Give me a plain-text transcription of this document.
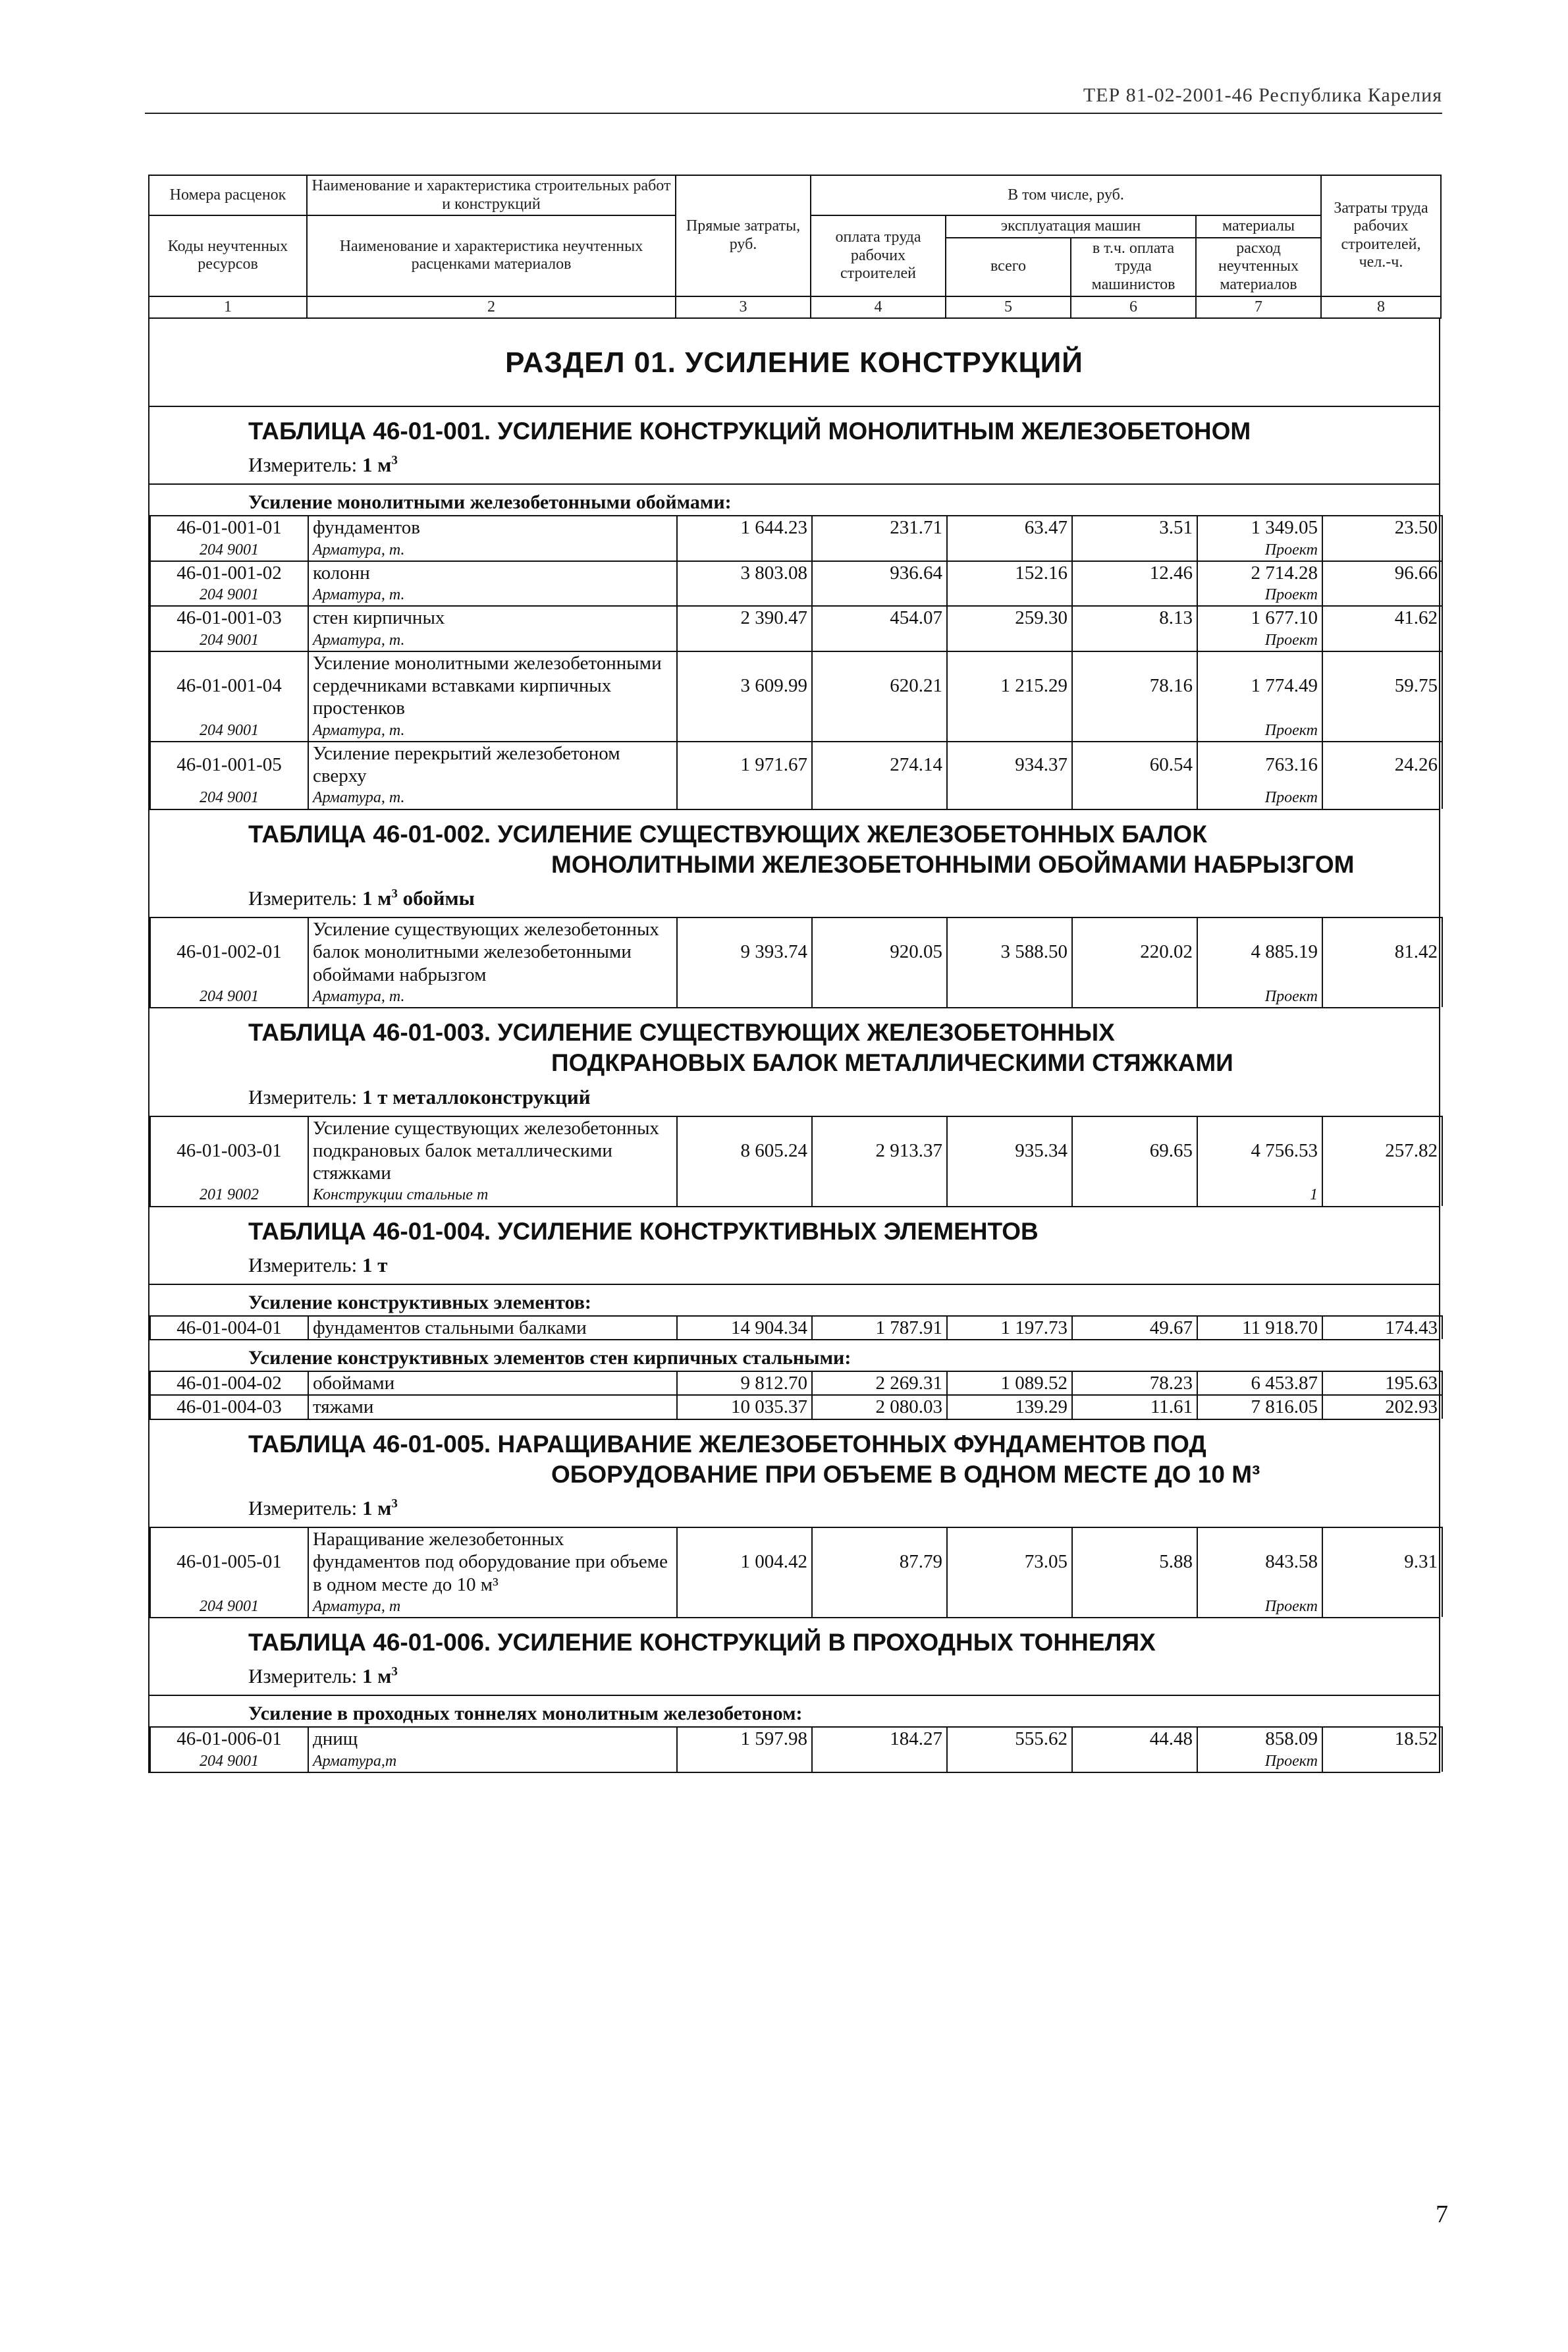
ТЕР 81-02-2001-46 Республика Карелия
Номера расценок	Наименование и характеристика строительных работ и конструкций	Прямые затраты, руб.	В том числе, руб.				Затраты труда рабочих строителей, чел.-ч.
Коды неучтенных ресурсов	Наименование и характеристика неучтенных расценками материалов		оплата труда рабочих строителей	эксплуатация машин		материалы	
				всего	в т.ч. оплата труда машинистов	расход неучтенных материалов	
1	2	3	4	5	6	7	8
РАЗДЕЛ 01. УСИЛЕНИЕ КОНСТРУКЦИЙ
ТАБЛИЦА 46-01-001. УСИЛЕНИЕ КОНСТРУКЦИЙ МОНОЛИТНЫМ ЖЕЛЕЗОБЕТОНОМ
Измеритель: 1 $м^3$
Усиление монолитными железобетонными обоймами:
46-01-001-01	фундаментов	1 644.23	231.71	63.47	3.51	1 349.05	23.50
204 9001	Арматура, т.					Проект	
46-01-001-02	колонн	3 803.08	936.64	152.16	12.46	2 714.28	96.66
204 9001	Арматура, т.					Проект	
46-01-001-03	стен кирпичных	2 390.47	454.07	259.30	8.13	1 677.10	41.62
204 9001	Арматура, т.					Проект	
46-01-001-04	Усиление монолитными железобетонными сердечниками вставками кирпичных простенков	3 609.99	620.21	1 215.29	78.16	1 774.49	59.75
204 9001	Арматура, т.					Проект	
46-01-001-05	Усиление перекрытий железобетоном сверху	1 971.67	274.14	934.37	60.54	763.16	24.26
204 9001	Арматура, т.					Проект	
ТАБЛИЦА 46-01-002. УСИЛЕНИЕ СУЩЕСТВУЮЩИХ ЖЕЛЕЗОБЕТОННЫХ БАЛОК
МОНОЛИТНЫМИ ЖЕЛЕЗОБЕТОННЫМИ ОБОЙМАМИ НАБРЫЗГОМ
Измеритель: 1 $м^3$ обоймы
46-01-002-01	Усиление существующих железобетонных балок монолитными железобетонными обоймами набрызгом	9 393.74	920.05	3 588.50	220.02	4 885.19	81.42
204 9001	Арматура, т.					Проект	
ТАБЛИЦА 46-01-003. УСИЛЕНИЕ СУЩЕСТВУЮЩИХ ЖЕЛЕЗОБЕТОННЫХ
ПОДКРАНОВЫХ БАЛОК МЕТАЛЛИЧЕСКИМИ СТЯЖКАМИ
Измеритель: 1 т металлоконструкций
46-01-003-01	Усиление существующих железобетонных подкрановых балок металлическими стяжками	8 605.24	2 913.37	935.34	69.65	4 756.53	257.82
201 9002	Конструкции стальные т					1	
ТАБЛИЦА 46-01-004. УСИЛЕНИЕ КОНСТРУКТИВНЫХ ЭЛЕМЕНТОВ
Измеритель: 1 т
Усиление конструктивных элементов:
46-01-004-01	фундаментов стальными балками	14 904.34	1 787.91	1 197.73	49.67	11 918.70	174.43
Усиление конструктивных элементов стен кирпичных стальными:
46-01-004-02	обоймами	9 812.70	2 269.31	1 089.52	78.23	6 453.87	195.63
46-01-004-03	тяжами	10 035.37	2 080.03	139.29	11.61	7 816.05	202.93
ТАБЛИЦА 46-01-005. НАРАЩИВАНИЕ ЖЕЛЕЗОБЕТОННЫХ ФУНДАМЕНТОВ ПОД
ОБОРУДОВАНИЕ ПРИ ОБЪЕМЕ В ОДНОМ МЕСТЕ ДО 10 М³
Измеритель: 1 $м^3$
46-01-005-01	Наращивание железобетонных фундаментов под оборудование при объеме в одном месте до 10 м³	1 004.42	87.79	73.05	5.88	843.58	9.31
204 9001	Арматура, т					Проект	
ТАБЛИЦА 46-01-006. УСИЛЕНИЕ КОНСТРУКЦИЙ В ПРОХОДНЫХ ТОННЕЛЯХ
Измеритель: 1 $м^3$
Усиление в проходных тоннелях монолитным железобетоном:
46-01-006-01	днищ	1 597.98	184.27	555.62	44.48	858.09	18.52
204 9001	Арматура,т					Проект	
7
